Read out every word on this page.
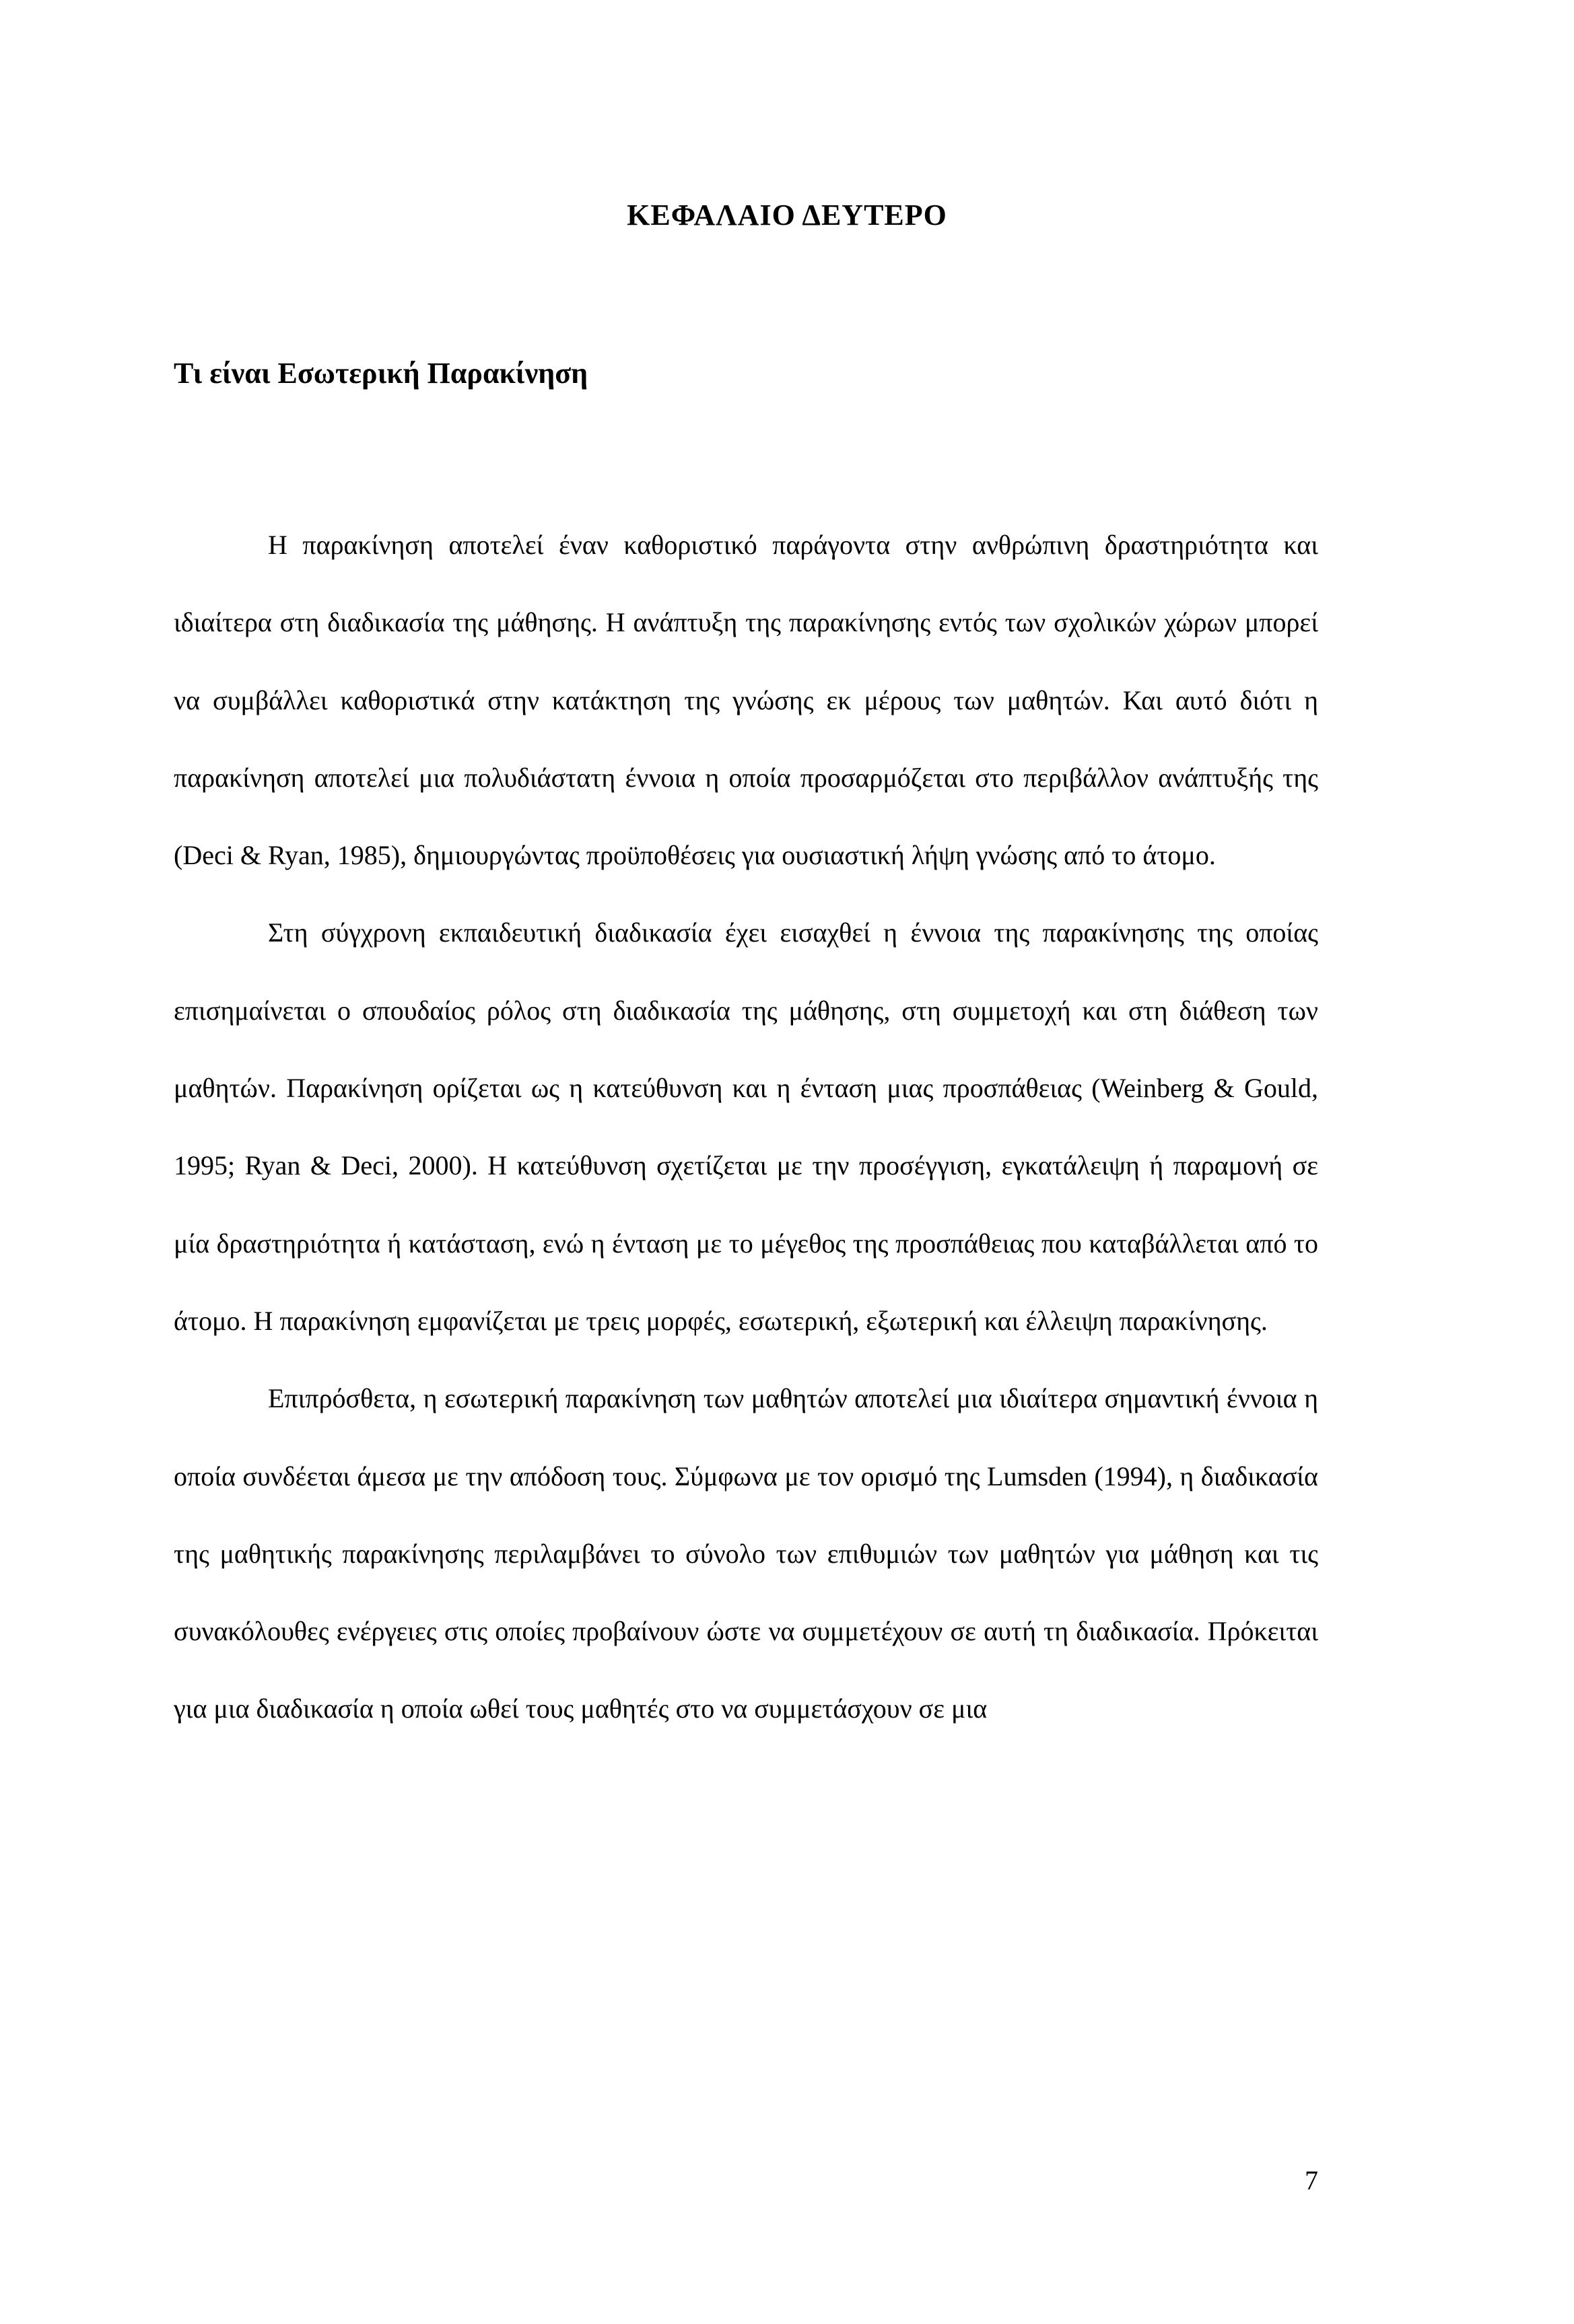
ΚΕΦΑΛΑΙΟ ΔΕΥΤΕΡΟ
Τι είναι Εσωτερική Παρακίνηση

Η παρακίνηση αποτελεί έναν καθοριστικό παράγοντα στην ανθρώπινη δραστηριότητα και ιδιαίτερα στη διαδικασία της μάθησης. Η ανάπτυξη της παρακίνησης εντός των σχολικών χώρων μπορεί να συμβάλλει καθοριστικά στην κατάκτηση της γνώσης εκ μέρους των μαθητών. Και αυτό διότι η παρακίνηση αποτελεί μια πολυδιάστατη έννοια η οποία προσαρμόζεται στο περιβάλλον ανάπτυξής της (Deci & Ryan, 1985), δημιουργώντας προϋποθέσεις για ουσιαστική λήψη γνώσης από το άτομο.

Στη σύγχρονη εκπαιδευτική διαδικασία έχει εισαχθεί η έννοια της παρακίνησης της οποίας επισημαίνεται ο σπουδαίος ρόλος στη διαδικασία της μάθησης, στη συμμετοχή και στη διάθεση των μαθητών. Παρακίνηση ορίζεται ως η κατεύθυνση και η ένταση μιας προσπάθειας (Weinberg & Gould, 1995; Ryan & Deci, 2000). Η κατεύθυνση σχετίζεται με την προσέγγιση, εγκατάλειψη ή παραμονή σε μία δραστηριότητα ή κατάσταση, ενώ η ένταση με το μέγεθος της προσπάθειας που καταβάλλεται από το άτομο. Η παρακίνηση εμφανίζεται με τρεις μορφές, εσωτερική, εξωτερική και έλλειψη παρακίνησης.

Επιπρόσθετα, η εσωτερική παρακίνηση των μαθητών αποτελεί μια ιδιαίτερα σημαντική έννοια η οποία συνδέεται άμεσα με την απόδοση τους. Σύμφωνα με τον ορισμό της Lumsden (1994), η διαδικασία της μαθητικής παρακίνησης περιλαμβάνει το σύνολο των επιθυμιών των μαθητών για μάθηση και τις συνακόλουθες ενέργειες στις οποίες προβαίνουν ώστε να συμμετέχουν σε αυτή τη διαδικασία. Πρόκειται για μια διαδικασία η οποία ωθεί τους μαθητές στο να συμμετάσχουν σε μια

7
